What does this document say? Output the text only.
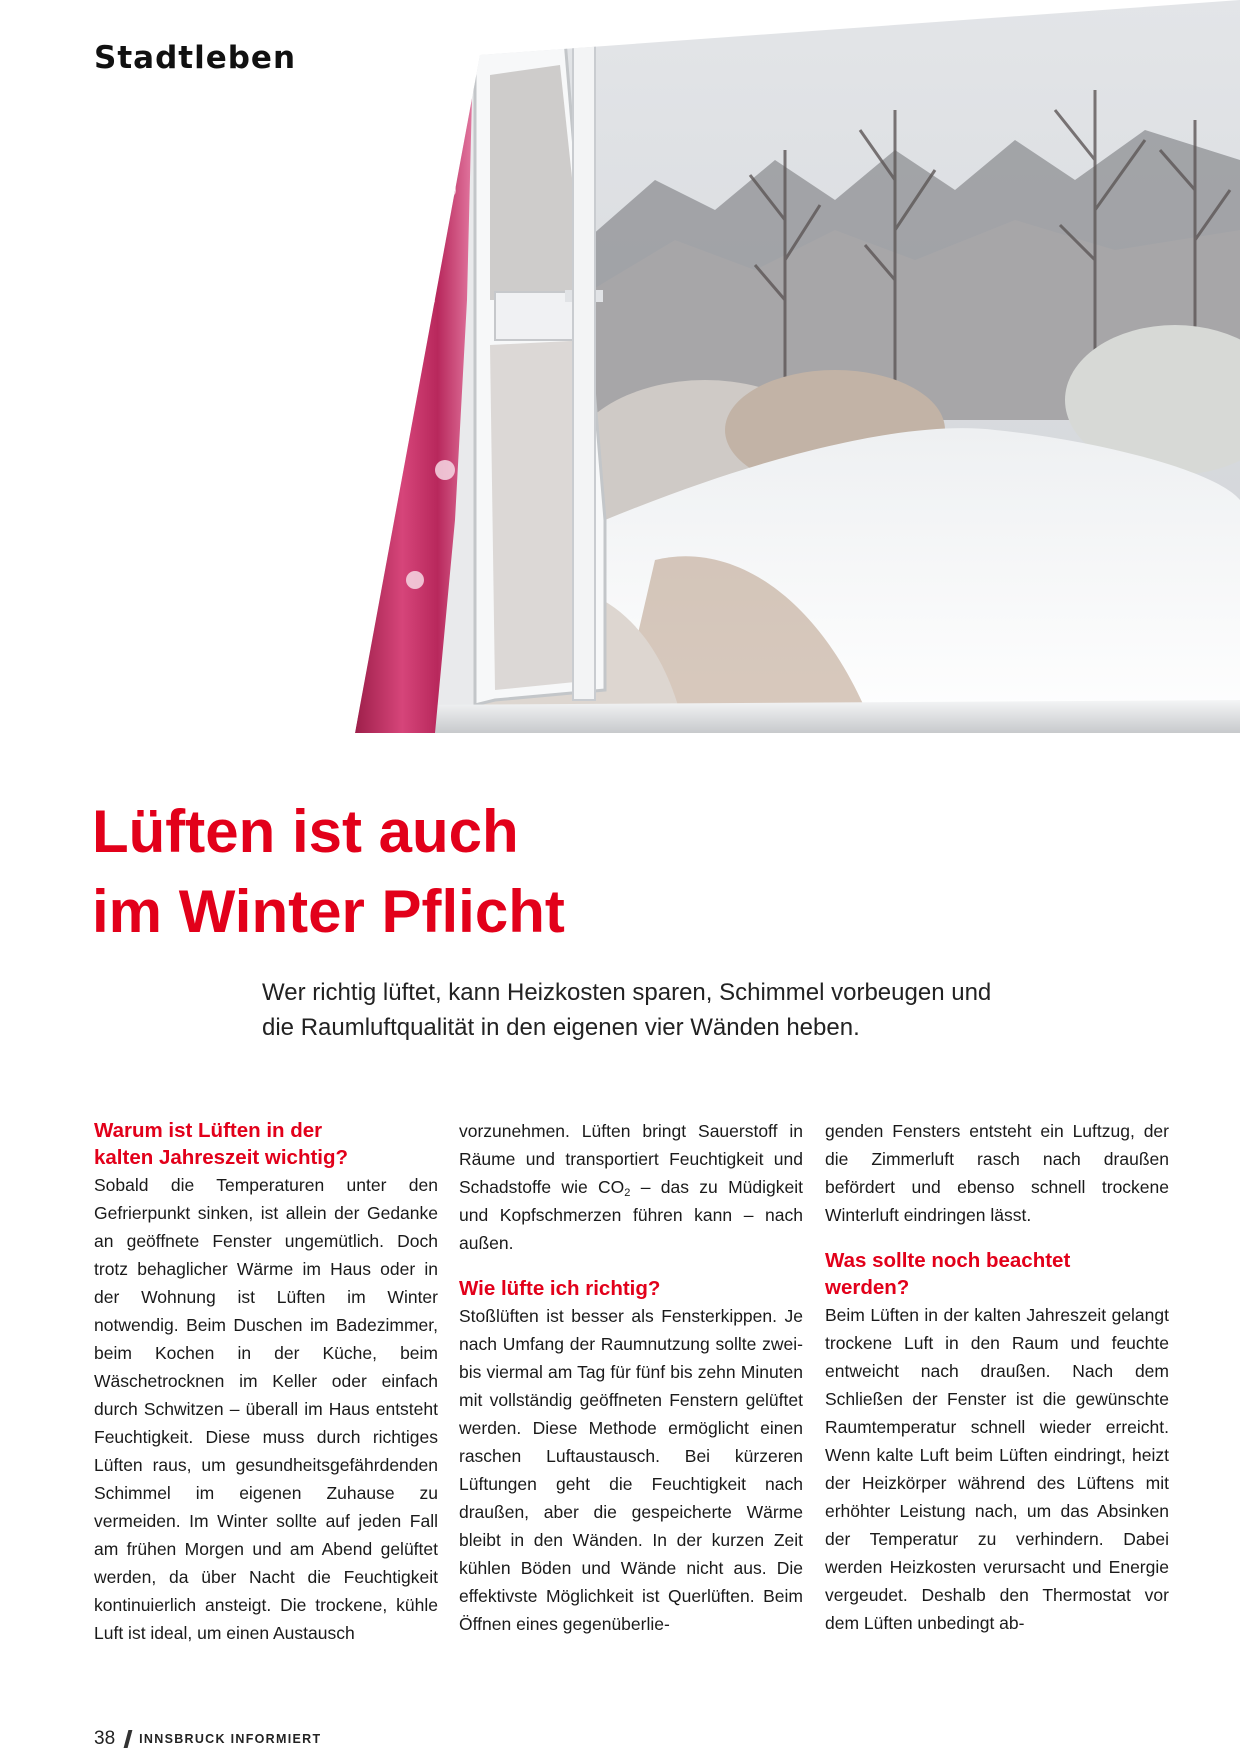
Stadtleben
Lüften ist auch
im Winter Pflicht

Wer richtig lüftet, kann Heizkosten sparen, Schimmel vorbeugen und die Raumluftqualität in den eigenen vier Wänden heben.

Warum ist Lüften in der
kalten Jahreszeit wichtig?

Sobald die Temperaturen unter den Gefrierpunkt sinken, ist allein der Gedanke an geöffnete Fenster ungemütlich. Doch trotz behaglicher Wärme im Haus oder in der Wohnung ist Lüften im Winter notwendig. Beim Duschen im Badezimmer, beim Kochen in der Küche, beim Wäschetrocknen im Keller oder einfach durch Schwitzen – überall im Haus entsteht Feuchtigkeit. Diese muss durch richtiges Lüften raus, um gesundheitsgefährdenden Schimmel im eigenen Zuhause zu vermeiden. Im Winter sollte auf jeden Fall am frühen Morgen und am Abend gelüftet werden, da über Nacht die Feuchtigkeit kontinuierlich ansteigt. Die trockene, kühle Luft ist ideal, um einen Austausch

vorzunehmen. Lüften bringt Sauerstoff in Räume und transportiert Feuchtigkeit und Schadstoffe wie $CO_2$ – das zu Müdigkeit und Kopfschmerzen führen kann – nach außen.

Wie lüfte ich richtig?

Stoßlüften ist besser als Fensterkippen. Je nach Umfang der Raumnutzung sollte zwei- bis viermal am Tag für fünf bis zehn Minuten mit vollständig geöffneten Fenstern gelüftet werden. Diese Methode ermöglicht einen raschen Luftaustausch. Bei kürzeren Lüftungen geht die Feuchtigkeit nach draußen, aber die gespeicherte Wärme bleibt in den Wänden. In der kurzen Zeit kühlen Böden und Wände nicht aus. Die effektivste Möglichkeit ist Querlüften. Beim Öffnen eines gegenüberlie-

genden Fensters entsteht ein Luftzug, der die Zimmerluft rasch nach draußen befördert und ebenso schnell trockene Winterluft eindringen lässt.

Was sollte noch beachtet
werden?

Beim Lüften in der kalten Jahreszeit gelangt trockene Luft in den Raum und feuchte entweicht nach draußen. Nach dem Schließen der Fenster ist die gewünschte Raumtemperatur schnell wieder erreicht. Wenn kalte Luft beim Lüften eindringt, heizt der Heizkörper während des Lüftens mit erhöhter Leistung nach, um das Absinken der Temperatur zu verhindern. Dabei werden Heizkosten verursacht und Energie vergeudet. Deshalb den Thermostat vor dem Lüften unbedingt ab-

38 INNSBRUCK INFORMIERT
